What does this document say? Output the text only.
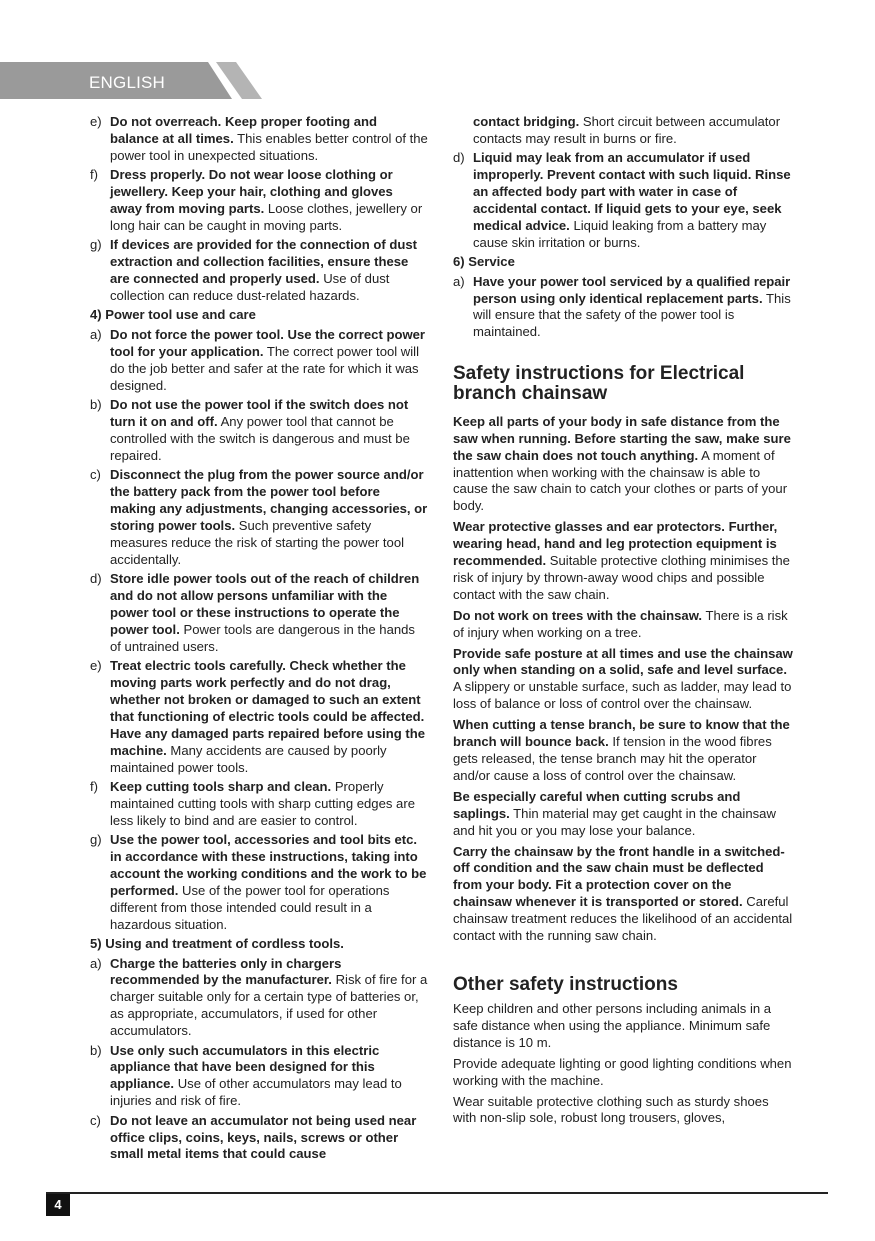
ENGLISH
e) Do not overreach. Keep proper footing and balance at all times. This enables better control of the power tool in unexpected situations.
f) Dress properly. Do not wear loose clothing or jewellery. Keep your hair, clothing and gloves away from moving parts. Loose clothes, jewellery or long hair can be caught in moving parts.
g) If devices are provided for the connection of dust extraction and collection facilities, ensure these are connected and properly used. Use of dust collection can reduce dust-related hazards.
4) Power tool use and care
a) Do not force the power tool. Use the correct power tool for your application. The correct power tool will do the job better and safer at the rate for which it was designed.
b) Do not use the power tool if the switch does not turn it on and off. Any power tool that cannot be controlled with the switch is dangerous and must be repaired.
c) Disconnect the plug from the power source and/or the battery pack from the power tool before making any adjustments, changing accessories, or storing power tools. Such preventive safety measures reduce the risk of starting the power tool accidentally.
d) Store idle power tools out of the reach of children and do not allow persons unfamiliar with the power tool or these instructions to operate the power tool. Power tools are dangerous in the hands of untrained users.
e) Treat electric tools carefully. Check whether the moving parts work perfectly and do not drag, whether not broken or damaged to such an extent that functioning of electric tools could be affected. Have any damaged parts repaired before using the machine. Many accidents are caused by poorly maintained power tools.
f) Keep cutting tools sharp and clean. Properly maintained cutting tools with sharp cutting edges are less likely to bind and are easier to control.
g) Use the power tool, accessories and tool bits etc. in accordance with these instructions, taking into account the working conditions and the work to be performed. Use of the power tool for operations different from those intended could result in a hazardous situation.
5) Using and treatment of cordless tools.
a) Charge the batteries only in chargers recommended by the manufacturer. Risk of fire for a charger suitable only for a certain type of batteries or, as appropriate, accumulators, if used for other accumulators.
b) Use only such accumulators in this electric appliance that have been designed for this appliance. Use of other accumulators may lead to injuries and risk of fire.
c) Do not leave an accumulator not being used near office clips, coins, keys, nails, screws or other small metal items that could cause
contact bridging. Short circuit between accumulator contacts may result in burns or fire.
d) Liquid may leak from an accumulator if used improperly. Prevent contact with such liquid. Rinse an affected body part with water in case of accidental contact. If liquid gets to your eye, seek medical advice. Liquid leaking from a battery may cause skin irritation or burns.
6) Service
a) Have your power tool serviced by a qualified repair person using only identical replacement parts. This will ensure that the safety of the power tool is maintained.
Safety instructions for Electrical branch chainsaw
Keep all parts of your body in safe distance from the saw when running. Before starting the saw, make sure the saw chain does not touch anything. A moment of inattention when working with the chainsaw is able to cause the saw chain to catch your clothes or parts of your body.
Wear protective glasses and ear protectors. Further, wearing head, hand and leg protection equipment is recommended. Suitable protective clothing minimises the risk of injury by thrown-away wood chips and possible contact with the saw chain.
Do not work on trees with the chainsaw. There is a risk of injury when working on a tree.
Provide safe posture at all times and use the chainsaw only when standing on a solid, safe and level surface. A slippery or unstable surface, such as ladder, may lead to loss of balance or loss of control over the chainsaw.
When cutting a tense branch, be sure to know that the branch will bounce back. If tension in the wood fibres gets released, the tense branch may hit the operator and/or cause a loss of control over the chainsaw.
Be especially careful when cutting scrubs and saplings. Thin material may get caught in the chainsaw and hit you or you may lose your balance.
Carry the chainsaw by the front handle in a switched-off condition and the saw chain must be deflected from your body. Fit a protection cover on the chainsaw whenever it is transported or stored. Careful chainsaw treatment reduces the likelihood of an accidental contact with the running saw chain.
Other safety instructions
Keep children and other persons including animals in a safe distance when using the appliance. Minimum safe distance is 10 m.
Provide adequate lighting or good lighting conditions when working with the machine.
Wear suitable protective clothing such as sturdy shoes with non-slip sole, robust long trousers, gloves,
4
